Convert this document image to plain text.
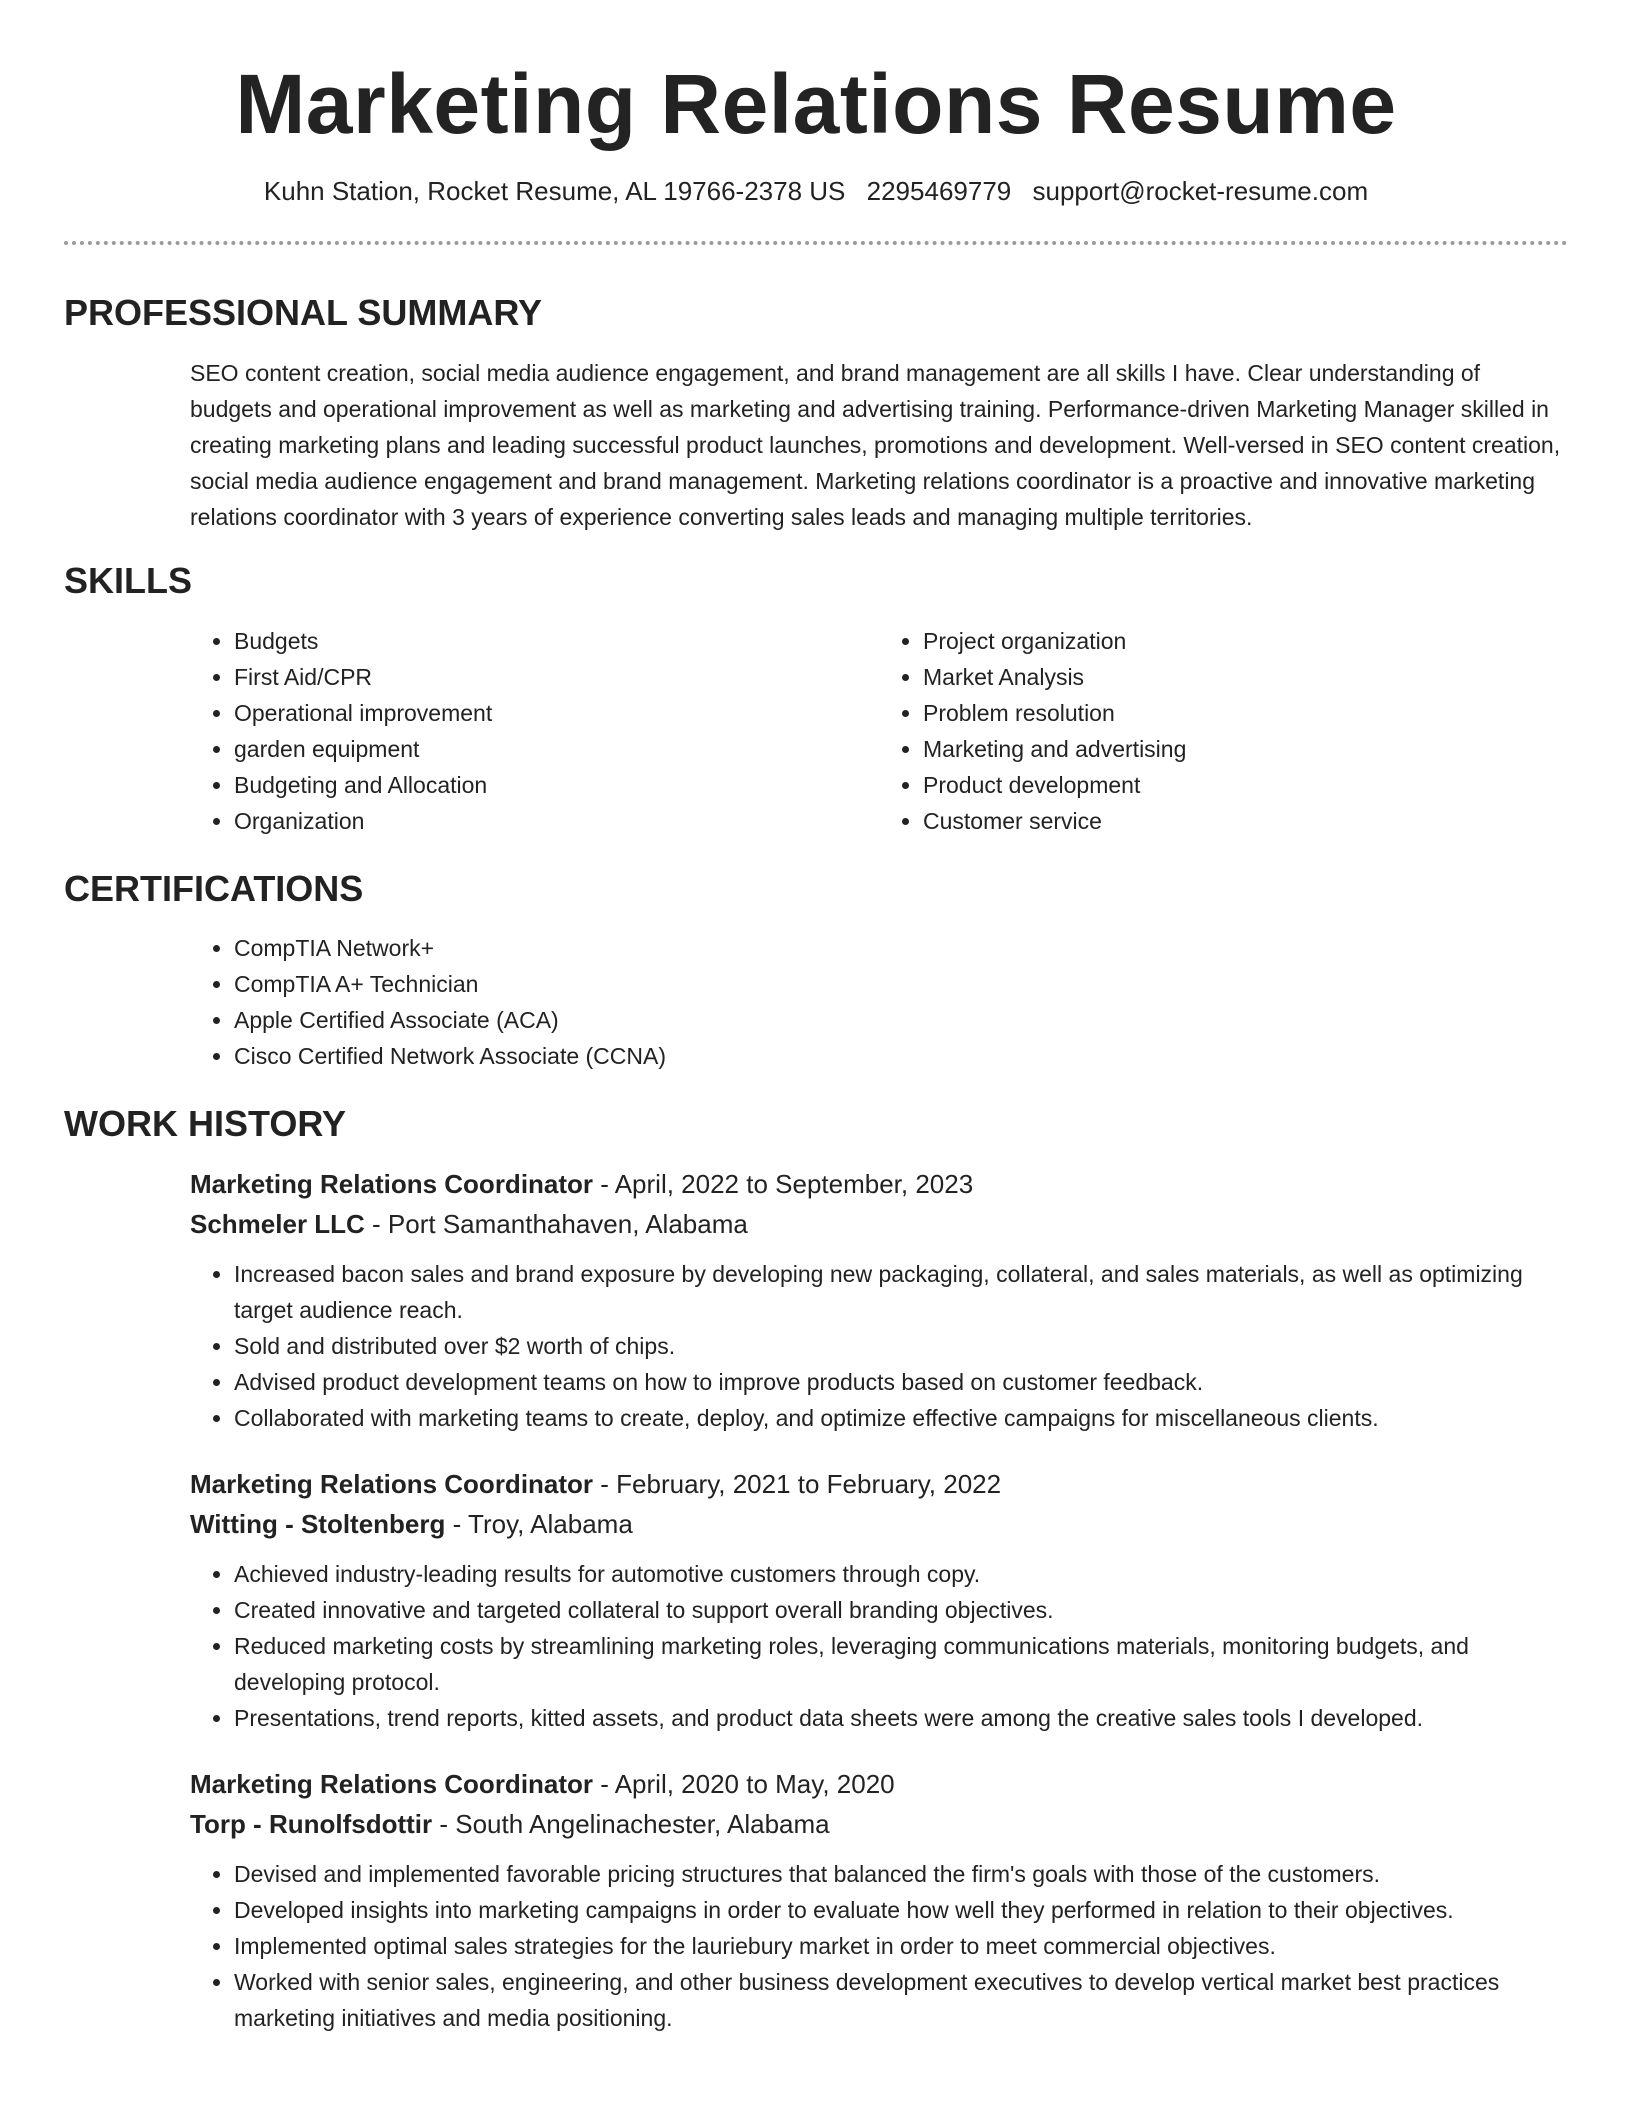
Marketing Relations Resume
Kuhn Station, Rocket Resume, AL 19766-2378 US 2295469779 support@rocket-resume.com
PROFESSIONAL SUMMARY

SEO content creation, social media audience engagement, and brand management are all skills I have. Clear understanding of budgets and operational improvement as well as marketing and advertising training. Performance-driven Marketing Manager skilled in creating marketing plans and leading successful product launches, promotions and development. Well-versed in SEO content creation, social media audience engagement and brand management. Marketing relations coordinator is a proactive and innovative marketing relations coordinator with 3 years of experience converting sales leads and managing multiple territories.

SKILLS
• Budgets
• First Aid/CPR
• Operational improvement
• garden equipment
• Budgeting and Allocation
• Organization
• Project organization
• Market Analysis
• Problem resolution
• Marketing and advertising
• Product development
• Customer service
CERTIFICATIONS
• CompTIA Network+
• CompTIA A+ Technician
• Apple Certified Associate (ACA)
• Cisco Certified Network Associate (CCNA)
WORK HISTORY
Marketing Relations Coordinator - April, 2022 to September, 2023
Schmeler LLC - Port Samanthahaven, Alabama
• Increased bacon sales and brand exposure by developing new packaging, collateral, and sales materials, as well as optimizing target audience reach.
• Sold and distributed over $2 worth of chips.
• Advised product development teams on how to improve products based on customer feedback.
• Collaborated with marketing teams to create, deploy, and optimize effective campaigns for miscellaneous clients.
Marketing Relations Coordinator - February, 2021 to February, 2022
Witting - Stoltenberg - Troy, Alabama
• Achieved industry-leading results for automotive customers through copy.
• Created innovative and targeted collateral to support overall branding objectives.
• Reduced marketing costs by streamlining marketing roles, leveraging communications materials, monitoring budgets, and developing protocol.
• Presentations, trend reports, kitted assets, and product data sheets were among the creative sales tools I developed.
Marketing Relations Coordinator - April, 2020 to May, 2020
Torp - Runolfsdottir - South Angelinachester, Alabama
• Devised and implemented favorable pricing structures that balanced the firm's goals with those of the customers.
• Developed insights into marketing campaigns in order to evaluate how well they performed in relation to their objectives.
• Implemented optimal sales strategies for the lauriebury market in order to meet commercial objectives.
• Worked with senior sales, engineering, and other business development executives to develop vertical market best practices marketing initiatives and media positioning.
